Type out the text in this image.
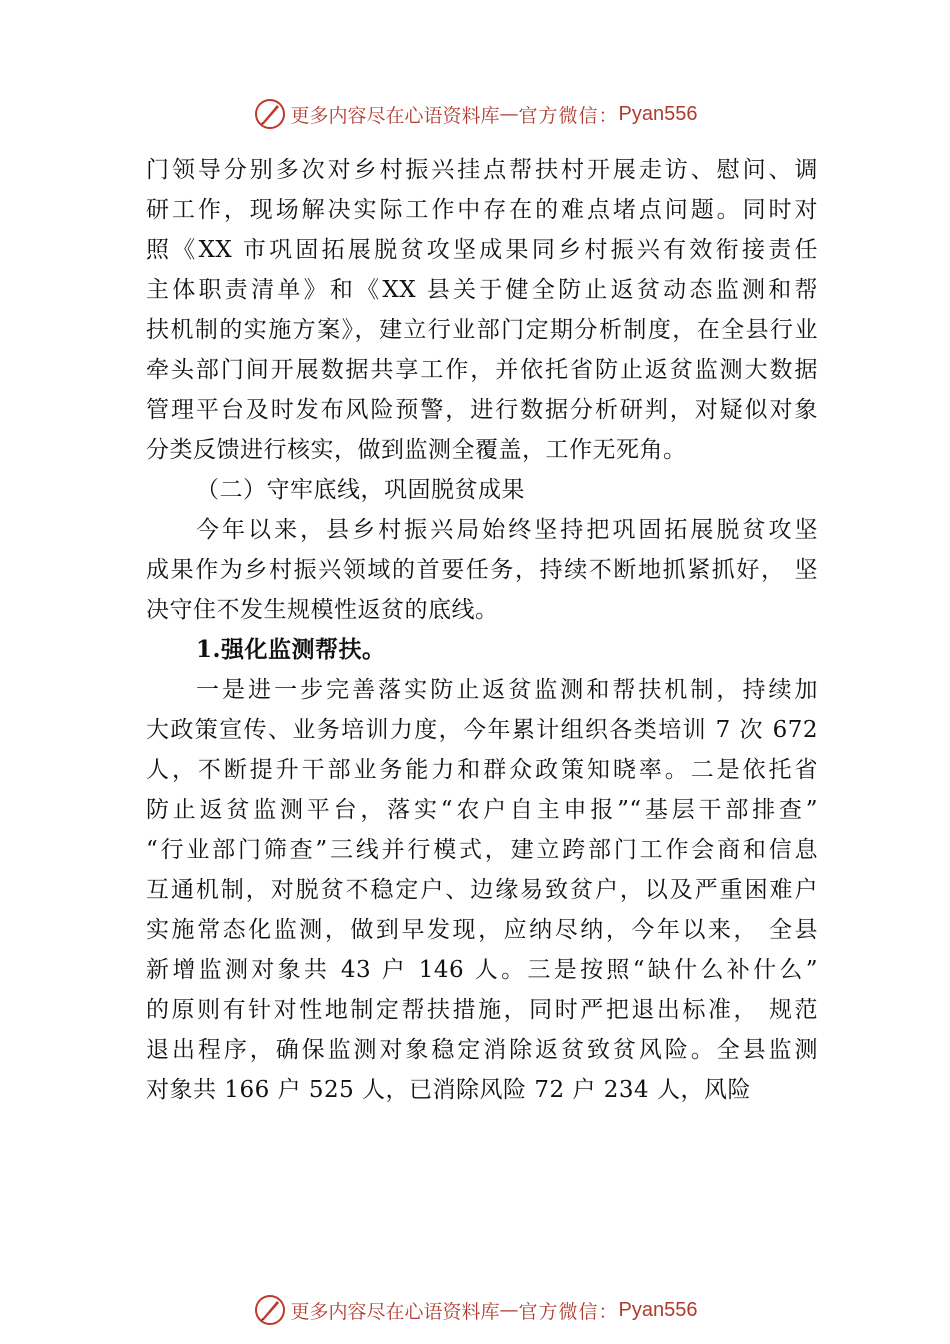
更多内容尽在心语资料库 — 官方微信： Pyan556
门领导分别多次对乡村振兴挂点帮扶村开展走访、慰问、调
研工作，现场解决实际工作中存在的难点堵点问题。同时对
照《XX 市巩固拓展脱贫攻坚成果同乡村振兴有效衔接责任
主体职责清单》和《XX 县关于健全防止返贫动态监测和帮
扶机制的实施方案》，建立行业部门定期分析制度，在全县行业
牵头部门间开展数据共享工作，并依托省防止返贫监测大数据
管理平台及时发布风险预警，进行数据分析研判，对疑似对象
分类反馈进行核实，做到监测全覆盖，工作无死角。
（二）守牢底线，巩固脱贫成果
今年以来，县乡村振兴局始终坚持把巩固拓展脱贫攻坚
成果作为乡村振兴领域的首要任务，持续不断地抓紧抓好， 坚
决守住不发生规模性返贫的底线。
1.强化监测帮扶。
一是进一步完善落实防止返贫监测和帮扶机制，持续加
大政策宣传、业务培训力度，今年累计组织各类培训 7 次 672
人，不断提升干部业务能力和群众政策知晓率。二是依托省
防止返贫监测平台，落实“农户自主申报”“基层干部排查”
“行业部门筛查”三线并行模式，建立跨部门工作会商和信息
互通机制，对脱贫不稳定户、边缘易致贫户，以及严重困难户
实施常态化监测，做到早发现，应纳尽纳，今年以来， 全县
新增监测对象共 43 户 146 人。三是按照“缺什么补什么”
的原则有针对性地制定帮扶措施，同时严把退出标准， 规范
退出程序，确保监测对象稳定消除返贫致贫风险。全县监测
对象共 166 户 525 人，已消除风险 72 户 234 人，风险
更多内容尽在心语资料库 — 官方微信： Pyan556
